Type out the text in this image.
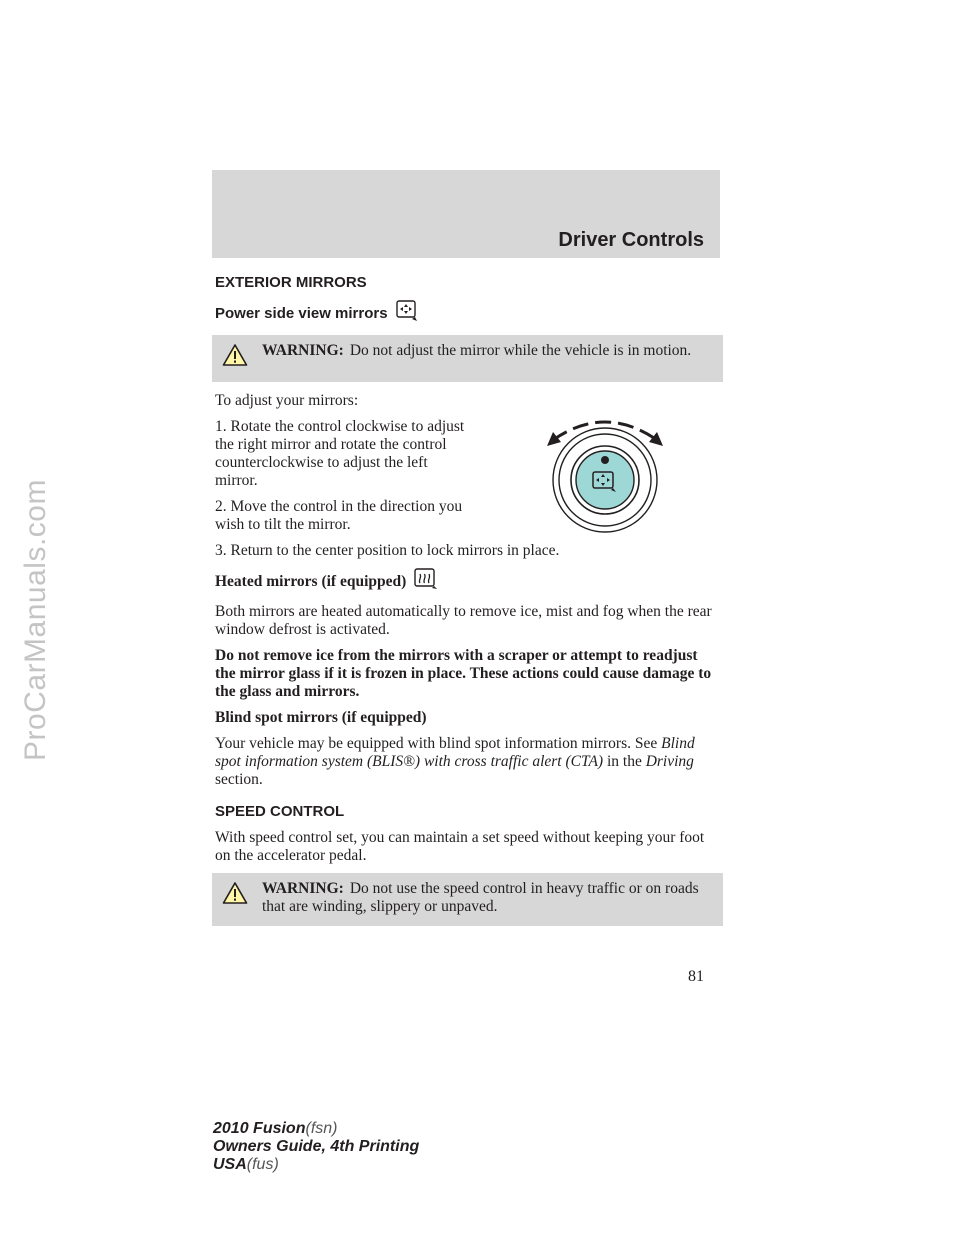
ProCarManuals.com
Driver Controls
EXTERIOR MIRRORS
Power side view mirrors
WARNING: Do not adjust the mirror while the vehicle is in motion.

To adjust your mirrors:

1. Rotate the control clockwise to adjust the right mirror and rotate the control counterclockwise to adjust the left mirror.

2. Move the control in the direction you wish to tilt the mirror.

3. Return to the center position to lock mirrors in place.

Heated mirrors (if equipped)

Both mirrors are heated automatically to remove ice, mist and fog when the rear window defrost is activated.

Do not remove ice from the mirrors with a scraper or attempt to readjust the mirror glass if it is frozen in place. These actions could cause damage to the glass and mirrors.

Blind spot mirrors (if equipped)

Your vehicle may be equipped with blind spot information mirrors. See Blind spot information system (BLIS®) with cross traffic alert (CTA) in the Driving section.

SPEED CONTROL

With speed control set, you can maintain a set speed without keeping your foot on the accelerator pedal.

WARNING: Do not use the speed control in heavy traffic or on roads that are winding, slippery or unpaved.
81
2010 Fusion(fsn)
Owners Guide, 4th Printing
USA(fus)
